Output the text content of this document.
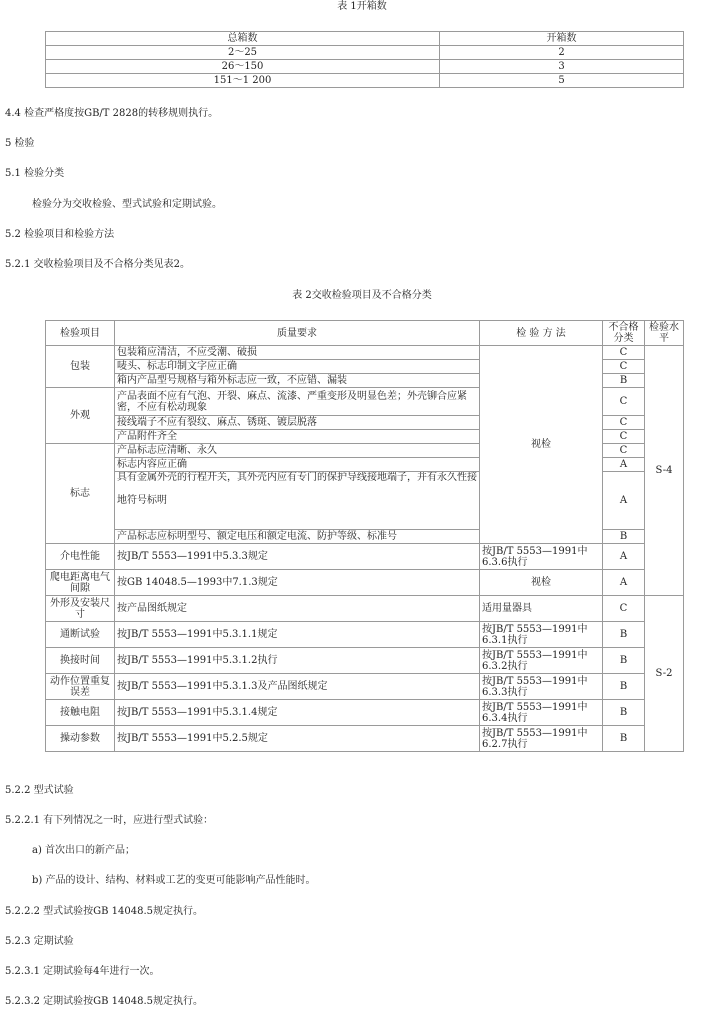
表 1开箱数
总箱数	开箱数
2～25	2
26～150	3
151～1 200	5
4.4 检查严格度按GB/T 2828的转移规则执行。
5 检验
5.1 检验分类
检验分为交收检验、型式试验和定期试验。
5.2 检验项目和检验方法
5.2.1 交收检验项目及不合格分类见表2。
表 2交收检验项目及不合格分类
检验项目	质量要求	检 验 方 法	不合格分类	检验水平
包装	包装箱应清洁，不应受潮、破损	视检	C	S-4
	唛头、标志印制文字应正确		C	
	箱内产品型号规格与箱外标志应一致，不应错、漏装		B	
外观	产品表面不应有气泡、开裂、麻点、流漆、严重变形及明显色差；外壳铆合应紧密，不应有松动现象		C	
	接线端子不应有裂纹、麻点、锈斑、镀层脱落		C	
	产品附件齐全		C	
标志	产品标志应清晰、永久		C	
	标志内容应正确		A	

	具有金属外壳的行程开关，其外壳内应有专门的保护导线接地端子，并有永久性接
地符号标明		A	
	产品标志应标明型号、额定电压和额定电流、防护等级、标准号		B	
介电性能	按JB/T 5553—1991中5.3.3规定	按JB/T 5553—1991中6.3.6执行	A	
爬电距离电气间隙	按GB 14048.5—1993中7.1.3规定	视检	A	
外形及安装尺寸	按产品图纸规定	适用量器具	C	S-2
通断试验	按JB/T 5553—1991中5.3.1.1规定	按JB/T 5553—1991中6.3.1执行	B	
换接时间	按JB/T 5553—1991中5.3.1.2执行	按JB/T 5553—1991中6.3.2执行	B	
动作位置重复误差	按JB/T 5553—1991中5.3.1.3及产品图纸规定	按JB/T 5553—1991中6.3.3执行	B	
接触电阻	按JB/T 5553—1991中5.3.1.4规定	按JB/T 5553—1991中6.3.4执行	B	
操动参数	按JB/T 5553—1991中5.2.5规定	按JB/T 5553—1991中6.2.7执行	B	
5.2.2 型式试验
5.2.2.1 有下列情况之一时，应进行型式试验：
a) 首次出口的新产品；
b) 产品的设计、结构、材料或工艺的变更可能影响产品性能时。
5.2.2.2 型式试验按GB 14048.5规定执行。
5.2.3 定期试验
5.2.3.1 定期试验每4年进行一次。
5.2.3.2 定期试验按GB 14048.5规定执行。
